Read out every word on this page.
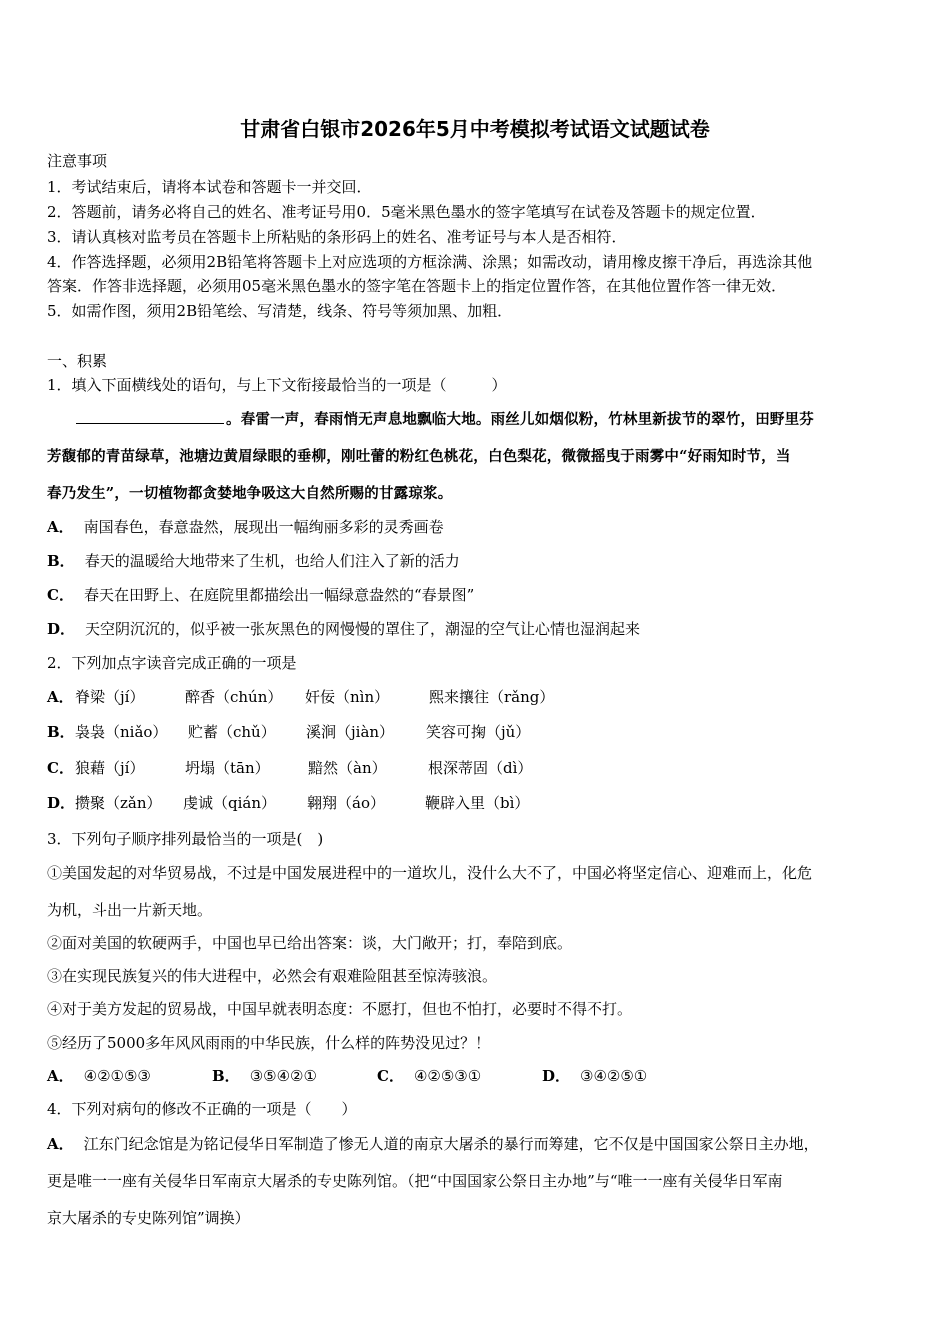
甘肃省白银市2026年5月中考模拟考试语文试题试卷
注意事项
1．考试结束后，请将本试卷和答题卡一并交回．
2．答题前，请务必将自己的姓名、准考证号用0．5毫米黑色墨水的签字笔填写在试卷及答题卡的规定位置．
3．请认真核对监考员在答题卡上所粘贴的条形码上的姓名、准考证号与本人是否相符．
4．作答选择题，必须用2B铅笔将答题卡上对应选项的方框涂满、涂黑；如需改动，请用橡皮擦干净后，再选涂其他
答案．作答非选择题，必须用05毫米黑色墨水的签字笔在答题卡上的指定位置作答，在其他位置作答一律无效．
5．如需作图，须用2B铅笔绘、写清楚，线条、符号等须加黑、加粗．
一、积累
1．填入下面横线处的语句，与上下文衔接最恰当的一项是（　　　）
。春雷一声，春雨悄无声息地飘临大地。雨丝儿如烟似粉，竹林里新拔节的翠竹，田野里芬
芳馥郁的青苗绿草，池塘边黄眉绿眼的垂柳，刚吐蕾的粉红色桃花，白色梨花，微微摇曳于雨雾中“好雨知时节，当
春乃发生”，一切植物都贪婪地争吸这大自然所赐的甘露琼浆。
A． 南国春色，春意盎然，展现出一幅绚丽多彩的灵秀画卷
B． 春天的温暖给大地带来了生机，也给人们注入了新的活力
C． 春天在田野上、在庭院里都描绘出一幅绿意盎然的“春景图”
D． 天空阴沉沉的，似乎被一张灰黑色的网慢慢的罩住了，潮湿的空气让心情也湿润起来
2．下列加点字读音完成正确的一项是
A． 脊梁（jí）	醉香（chún） 奸佞（nìn）	熙来攘往（rǎng）
B． 袅袅（niǎo） 贮蓄（chǔ） 溪涧（jiàn） 笑容可掬（jǔ）
C． 狼藉（jí）	坍塌（tān）	黯然（àn）	根深蒂固（dì）
D． 攒聚（zǎn） 虔诚（qián） 翱翔（áo）	鞭辟入里（bì）
3．下列句子顺序排列最恰当的一项是(　)
①美国发起的对华贸易战，不过是中国发展进程中的一道坎儿，没什么大不了，中国必将坚定信心、迎难而上，化危
为机，斗出一片新天地。
②面对美国的软硬两手，中国也早已给出答案：谈，大门敞开；打，奉陪到底。
③在实现民族复兴的伟大进程中，必然会有艰难险阻甚至惊涛骇浪。
④对于美方发起的贸易战，中国早就表明态度：不愿打，但也不怕打，必要时不得不打。
⑤经历了5000多年风风雨雨的中华民族，什么样的阵势没见过？！
A． ④②①⑤③	B． ③⑤④②①	C． ④②⑤③①	D． ③④②⑤①
4．下列对病句的修改不正确的一项是（　　）
A． 江东门纪念馆是为铭记侵华日军制造了惨无人道的南京大屠杀的暴行而筹建，它不仅是中国国家公祭日主办地，
更是唯一一座有关侵华日军南京大屠杀的专史陈列馆。（把“中国国家公祭日主办地”与“唯一一座有关侵华日军南
京大屠杀的专史陈列馆”调换）
